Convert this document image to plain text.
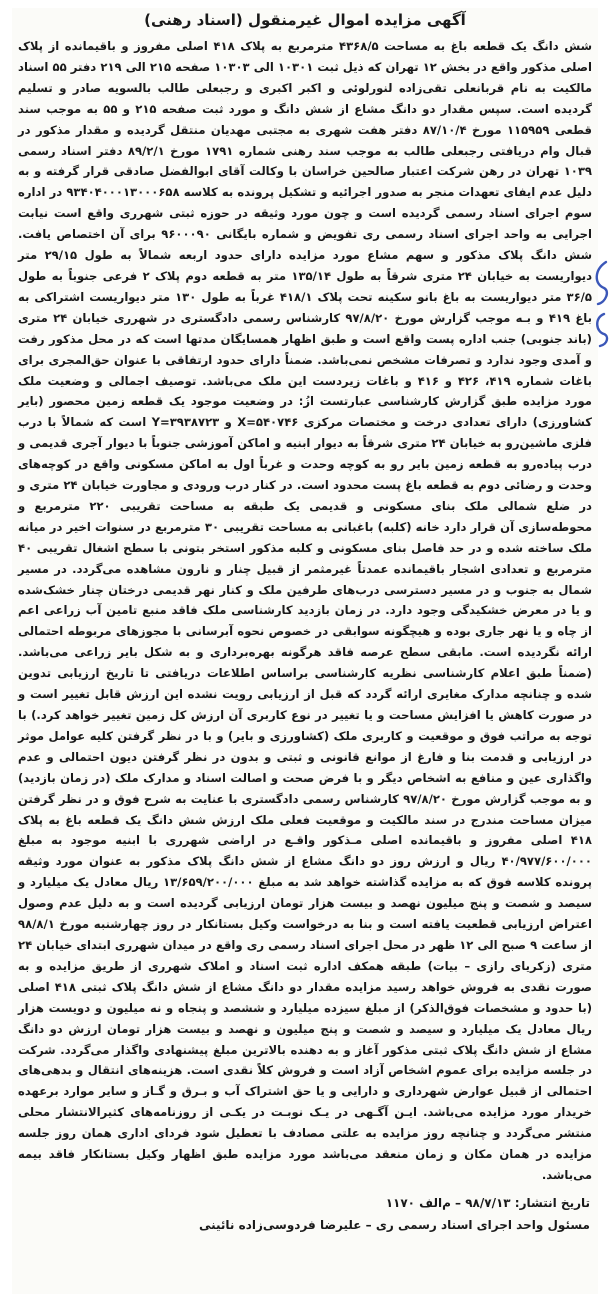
آگهی مزایده اموال غیرمنقول (اسناد رهنی)

شش دانگ یک قطعه باغ به مساحت ۴۳۶۸/۵ مترمربع به پلاک ۴۱۸ اصلی مفروز و باقیمانده از پلاک اصلی مذکور واقع در بخش ۱۲ تهران که ذیل ثبت ۱۰۳۰۱ الی ۱۰۳۰۳ صفحه ۲۱۵ الی ۲۱۹ دفتر ۵۵ اسناد مالکیت به نام قربانعلی تقی‌زاده لنورلوئی و اکبر اکبری و رجبعلی طالب بالسویه صادر و تسلیم گردیده است. سپس مقدار دو دانگ مشاع از شش دانگ و مورد ثبت صفحه ۲۱۵ و ۵۵ به موجب سند قطعی ۱۱۵۹۵۹ مورخ ۸۷/۱۰/۴ دفتر هفت شهری به مجتبی مهدیان منتقل گردیده و مقدار مذکور در قبال وام دریافتی رجبعلی طالب به موجب سند رهنی شماره ۱۷۹۱ مورخ ۸۹/۲/۱ دفتر اسناد رسمی ۱۰۳۹ تهران در رهن شرکت اعتبار صالحین خراسان با وکالت آقای ابوالفضل صادقی قرار گرفته و به دلیل عدم ایفای تعهدات منجر به صدور اجرائیه و تشکیل پرونده به کلاسه ۹۳۴۰۴۰۰۰۱۳۰۰۰۶۵۸ در اداره سوم اجرای اسناد رسمی گردیده است و چون مورد وثیقه در حوزه ثبتی شهرری واقع است نیابت اجرایی به واحد اجرای اسناد رسمی ری تفویض و شماره بایگانی ۹۶۰۰۰۹۰ برای آن اختصاص یافت. شش دانگ پلاک مذکور و سهم مشاع مورد مزایده دارای حدود اربعه شمالاً به طول ۲۹/۱۵ متر دیواریست به خیابان ۲۴ متری شرقاً به طول ۱۳۵/۱۴ متر به قطعه دوم پلاک ۲ فرعی جنوباً به طول ۳۶/۵ متر دیواریست به باغ بانو سکینه تحت پلاک ۴۱۸/۱ غرباً به طول ۱۳۰ متر دیواریست اشتراکی به باغ ۴۱۹ و بـه موجب گزارش مورخ ۹۷/۸/۲۰ کارشناس رسمی دادگستری در شهرری خیابان ۲۴ متری (باند جنوبی) جنب اداره پست واقع است و طبق اظهار همسایگان مدتها است که در محل مذکور رفت و آمدی وجود ندارد و تصرفات مشخص نمی‌باشد. ضمناً دارای حدود ارتفاقی با عنوان حق‌المجری برای باغات شماره ۴۱۹، ۴۲۶ و ۴۱۶ و باغات زیردست این ملک می‌باشد. توصیف اجمالی و وضعیت ملک مورد مزایده طبق گزارش کارشناسی عبارتست ازُ: در وضعیت موجود یک قطعه زمین محصور (بایر کشاورزی) دارای تعدادی درخت و مختصات مرکزی X=۵۴۰۷۴۶ و Y=۳۹۳۸۷۲۳ است که شمالاً با درب فلزی ماشین‌رو به خیابان ۲۴ متری شرقاً به دیوار ابنیه و اماکن آموزشی جنوباً با دیوار آجری قدیمی و درب پیاده‌رو به قطعه زمین بایر رو به کوچه وحدت و غرباً اول به اماکن مسکونی واقع در کوچه‌های وحدت و رضائی دوم به قطعه باغ پست محدود است. در کنار درب ورودی و مجاورت خیابان ۲۴ متری و در ضلع شمالی ملک بنای مسکونی و قدیمی یک طبقه به مساحت تقریبی ۲۲۰ مترمربع و محوطه‌سازی آن قرار دارد خانه (کلبه) باغبانی به مساحت تقریبی ۳۰ مترمربع در سنوات اخیر در میانه ملک ساخته شده و در حد فاصل بنای مسکونی و کلبه مذکور استخر بتونی با سطح اشغال تقریبی ۴۰ مترمربع و تعدادی اشجار باقیمانده عمدتاً غیرمثمر از قبیل چنار و نارون مشاهده می‌گردد. در مسیر شمال به جنوب و در مسیر دسترسی درب‌های طرفین ملک و کنار نهر قدیمی درختان چنار خشک‌شده و یا در معرض خشکیدگی وجود دارد. در زمان بازدید کارشناسی ملک فاقد منبع تامین آب زراعی اعم از چاه و یا نهر جاری بوده و هیچگونه سوابقی در خصوص نحوه آبرسانی با مجوزهای مربوطه احتمالی ارائه نگردیده است. مابقی سطح عرصه فاقد هرگونه بهره‌برداری و به شکل بایر زراعی می‌باشد. (ضمناً طبق اعلام کارشناسی نظریه کارشناسی براساس اطلاعات دریافتی تا تاریخ ارزیابی تدوین شده و چنانچه مدارک مغایری ارائه گردد که قبل از ارزیابی رویت نشده این ارزش قابل تغییر است و در صورت کاهش یا افزایش مساحت و یا تغییر در نوع کاربری آن ارزش کل زمین تغییر خواهد کرد.) با توجه به مراتب فوق و موقعیت و کاربری ملک (کشاورزی و بایر) و با در نظر گرفتن کلیه عوامل موثر در ارزیابی و قدمت بنا و فارغ از موانع قانونی و ثبتی و بدون در نظر گرفتن دیون احتمالی و عدم واگذاری عین و منافع به اشخاص دیگر و با فرض صحت و اصالت اسناد و مدارک ملک (در زمان بازدید) و به موجب گزارش مورخ ۹۷/۸/۲۰ کارشناس رسمی دادگستری با عنایت به شرح فوق و در نظر گرفتن میزان مساحت مندرج در سند مالکیت و موقعیت فعلی ملک ارزش شش دانگ یک قطعه باغ به پلاک ۴۱۸ اصلی مفروز و باقیمانده اصلی مـذکور واقـع در اراضی شهرری با ابنیه موجود به مبلغ ۴۰/۹۷۷/۶۰۰/۰۰۰ ریال و ارزش روز دو دانگ مشاع از شش دانگ پلاک مذکور به عنوان مورد وثیقه پرونده کلاسه فوق که به مزایده گذاشته خواهد شد به مبلغ ۱۳/۶۵۹/۲۰۰/۰۰۰ ریال معادل یک میلیارد و سیصد و شصت و پنج میلیون نهصد و بیست هزار تومان ارزیابی گردیده است و به دلیل عدم وصول اعتراض ارزیابی قطعیت یافته است و بنا به درخواست وکیل بستانکار در روز چهارشنبه مورخ ۹۸/۸/۱ از ساعت ۹ صبح الی ۱۲ ظهر در محل اجرای اسناد رسمی ری واقع در میدان شهرری ابتدای خیابان ۲۴ متری (زکریای رازی – بیات) طبقه همکف اداره ثبت اسناد و املاک شهرری از طریق مزایده و به صورت نقدی به فروش خواهد رسید مزایده مقدار دو دانگ مشاع از شش دانگ پلاک ثبتی ۴۱۸ اصلی (با حدود و مشخصات فوق‌الذکر) از مبلغ سیزده میلیارد و ششصد و پنجاه و نه میلیون و دویست هزار ریال معادل یک میلیارد و سیصد و شصت و پنج میلیون و نهصد و بیست هزار تومان ارزش دو دانگ مشاع از شش دانگ پلاک ثبتی مذکور آغاز و به دهنده بالاترین مبلغ پیشنهادی واگذار می‌گردد. شرکت در جلسه مزایده برای عموم اشخاص آزاد است و فروش کلاً نقدی است. هزینه‌های انتقال و بدهی‌های احتمالی از قبیل عوارض شهرداری و دارایی و یا حق اشتراک آب و بـرق و گـاز و سایر موارد برعهده خریدار مورد مزایده می‌باشد. ایـن آگـهی در یـک نوبـت در یکـی از روزنامه‌های کثیرالانتشار محلی منتشر می‌گردد و چنانچه روز مزایده به علتی مصادف با تعطیل شود فردای اداری همان روز جلسه مزایده در همان مکان و زمان منعقد می‌باشد مورد مزایده طبق اظهار وکیل بستانکار فاقد بیمه می‌باشد.

تاریخ انتشار: ۹۸/۷/۱۳ – م‌الف ۱۱۷۰
مسئول واحد اجرای اسناد رسمی ری – علیرضا فردوسی‌زاده نائینی
